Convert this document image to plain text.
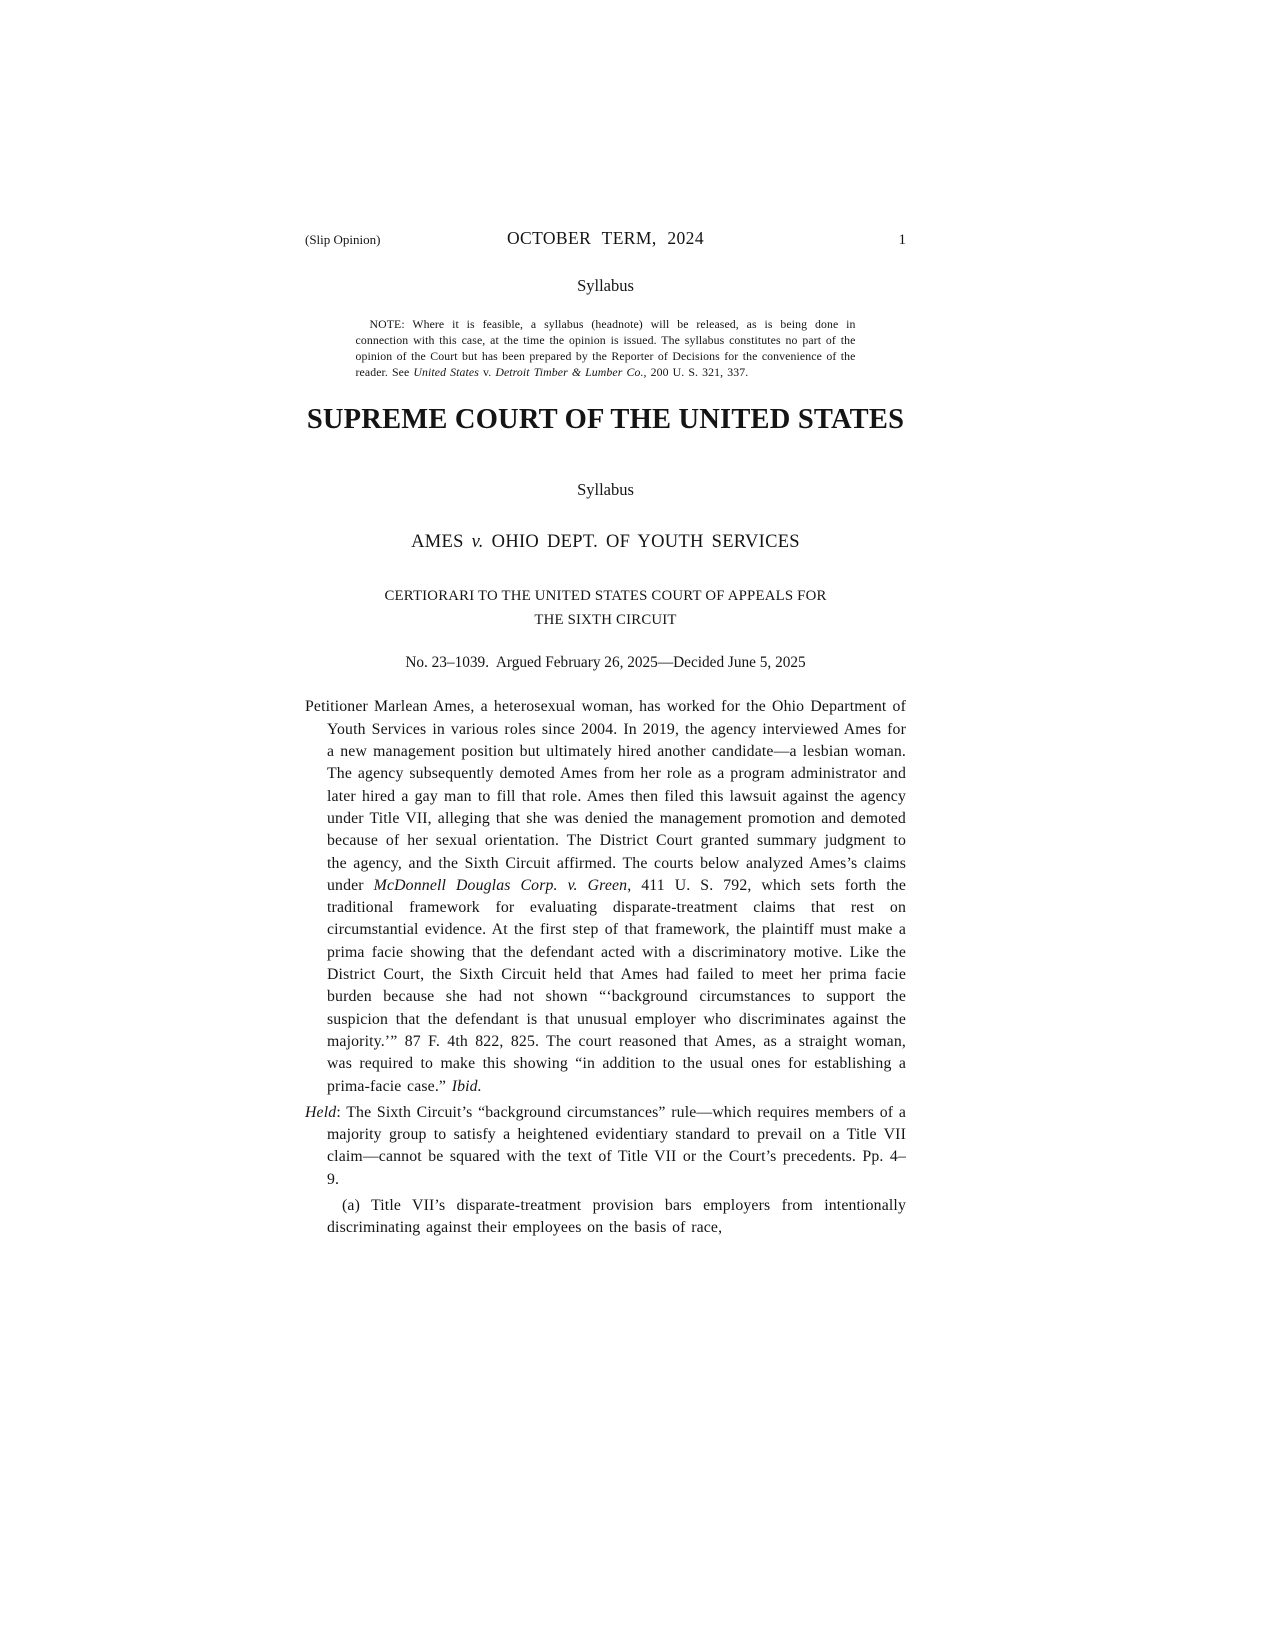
(Slip Opinion)	OCTOBER TERM, 2024	1
Syllabus

NOTE: Where it is feasible, a syllabus (headnote) will be released, as is being done in connection with this case, at the time the opinion is issued. The syllabus constitutes no part of the opinion of the Court but has been prepared by the Reporter of Decisions for the convenience of the reader. See United States v. Detroit Timber & Lumber Co., 200 U. S. 321, 337.

SUPREME COURT OF THE UNITED STATES
Syllabus
AMES v. OHIO DEPT. OF YOUTH SERVICES
CERTIORARI TO THE UNITED STATES COURT OF APPEALS FOR
THE SIXTH CIRCUIT
No. 23–1039.  Argued February 26, 2025—Decided June 5, 2025

Petitioner Marlean Ames, a heterosexual woman, has worked for the Ohio Department of Youth Services in various roles since 2004. In 2019, the agency interviewed Ames for a new management position but ultimately hired another candidate—a lesbian woman. The agency subsequently demoted Ames from her role as a program administrator and later hired a gay man to fill that role. Ames then filed this lawsuit against the agency under Title VII, alleging that she was denied the management promotion and demoted because of her sexual orientation. The District Court granted summary judgment to the agency, and the Sixth Circuit affirmed. The courts below analyzed Ames’s claims under McDonnell Douglas Corp. v. Green, 411 U. S. 792, which sets forth the traditional framework for evaluating disparate-treatment claims that rest on circumstantial evidence. At the first step of that framework, the plaintiff must make a prima facie showing that the defendant acted with a discriminatory motive. Like the District Court, the Sixth Circuit held that Ames had failed to meet her prima facie burden because she had not shown “‘background circumstances to support the suspicion that the defendant is that unusual employer who discriminates against the majority.’” 87 F. 4th 822, 825. The court reasoned that Ames, as a straight woman, was required to make this showing “in addition to the usual ones for establishing a prima-facie case.” Ibid.

Held: The Sixth Circuit’s “background circumstances” rule—which requires members of a majority group to satisfy a heightened evidentiary standard to prevail on a Title VII claim—cannot be squared with the text of Title VII or the Court’s precedents. Pp. 4–9.

(a) Title VII’s disparate-treatment provision bars employers from intentionally discriminating against their employees on the basis of race,
